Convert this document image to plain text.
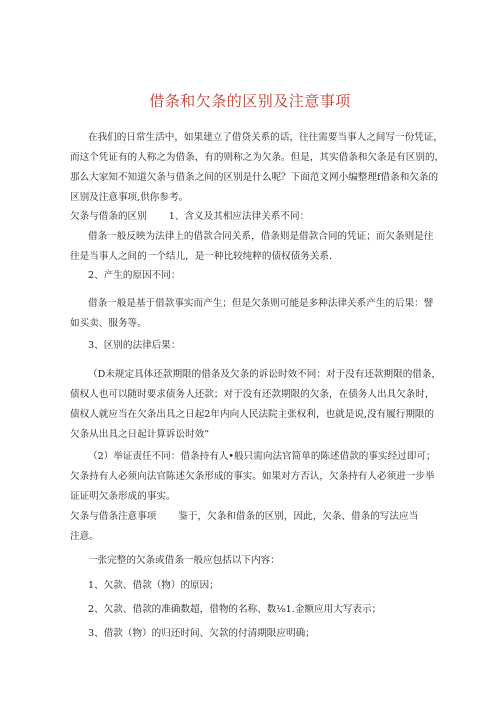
借条和欠条的区别及注意事项
在我们的日常生活中，如果建立了借贷关系的话，往往需要当事人之间写一份凭证，
而这个凭证有的人称之为借条，有的则称之为欠条。但是，其实借条和欠条是有区别的，
那么大家知不知道欠条与借条之间的区别是什么呢？下面范文网小编整理f借条和欠条的
区别及注意事项,供你参考。
欠条与借条的区别 1、含义及其相应法律关系不同：
借条一般反映为法律上的借款合同关系，借条则是借款合同的凭证；而欠条则是往
往是当事人之间的一个结儿，是一种比较纯粹的债权债务关系.
2、产生的原因不同：
借条一般是基于借款事实而产生；但是欠条则可能是多种法律关系产生的后果：譬
如买卖、服务等。
3、区别的法律后果：
（D未规定具体还款期限的借条及欠条的诉讼时效不同：对于没有还款期限的借条，
债权人也可以随时要求债务人还款；对于没有还款期限的欠条，在债务人出具欠条时，
债权人就应当在欠条出具之日起2年内向人民法院主张权利，也就是说,没有履行期限的
欠条从出具之日起计算诉讼时效”
（2）举证责任不同：借条持有人•般只需向法官简单的陈述借款的事实经过即可；
欠条持有人必须向法官陈述欠条形成的事实。如果对方否认，欠条持有人必须进一步举
证证明欠条形成的事实。
欠条与借条注意事项 鉴于，欠条和借条的区别，因此，欠条、借条的写法应当
注意。
一张完整的欠条或借条一般应包括以下内容：
1、欠款、借款（物）的原因；
2、欠款、借款的准确数超，借物的名称、数⅛1.金额应用大写表示；
3、借款（物）的归还时间、欠款的付清期限应明确；
